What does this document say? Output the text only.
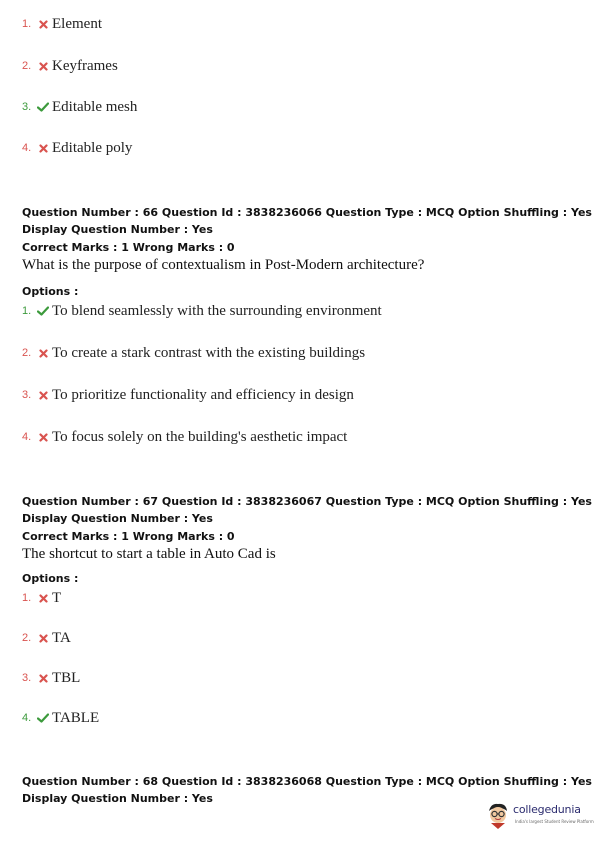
1.	Element
2.	Keyframes
3.	Editable mesh
4.	Editable poly
Question Number : 66 Question Id : 3838236066 Question Type : MCQ Option Shuffling : Yes
Display Question Number : Yes
Correct Marks : 1 Wrong Marks : 0
What is the purpose of contextualism in Post-Modern architecture?
Options :
1.	To blend seamlessly with the surrounding environment
2.	To create a stark contrast with the existing buildings
3.	To prioritize functionality and efficiency in design
4.	To focus solely on the building's aesthetic impact
Question Number : 67 Question Id : 3838236067 Question Type : MCQ Option Shuffling : Yes
Display Question Number : Yes
Correct Marks : 1 Wrong Marks : 0
The shortcut to start a table in Auto Cad is
Options :
1.	T
2.	TA
3.	TBL
4.	TABLE
Question Number : 68 Question Id : 3838236068 Question Type : MCQ Option Shuffling : Yes
Display Question Number : Yes
collegedunia
India's largest Student Review Platform
